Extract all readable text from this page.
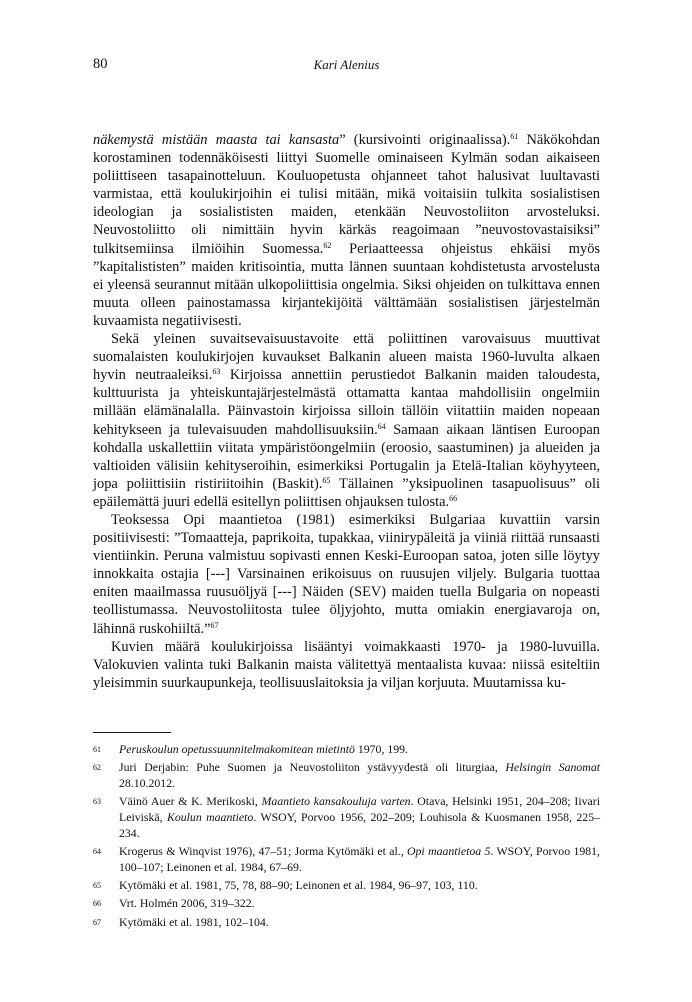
80	Kari Alenius

näkemystä mistään maasta tai kansasta” (kursivointi originaalissa).$^{61}$ Näkökohdan korostaminen todennäköisesti liittyi Suomelle ominaiseen Kylmän sodan aikaiseen poliittiseen tasapainotteluun. Kouluopetusta ohjanneet tahot halusivat luultavasti varmistaa, että koulukirjoihin ei tulisi mitään, mikä voitaisiin tulkita sosialistisen ideologian ja sosialististen maiden, etenkään Neuvostoliiton arvosteluksi. Neuvostoliitto oli nimittäin hyvin kärkäs reagoimaan ”neuvostovastaisiksi” tulkitsemiinsa ilmiöihin Suomessa.$^{62}$ Periaatteessa ohjeistus ehkäisi myös ”kapitalististen” maiden kritisointia, mutta lännen suuntaan kohdistetusta arvostelusta ei yleensä seurannut mitään ulkopoliittisia ongelmia. Siksi ohjeiden on tulkittava ennen muuta olleen painostamassa kirjantekijöitä välttämään sosialistisen järjestelmän kuvaamista negatiivisesti.

Sekä yleinen suvaitsevaisuustavoite että poliittinen varovaisuus muuttivat suomalaisten koulukirjojen kuvaukset Balkanin alueen maista 1960-luvulta alkaen hyvin neutraaleiksi.$^{63}$ Kirjoissa annettiin perustiedot Balkanin maiden taloudesta, kulttuurista ja yhteiskuntajärjestelmästä ottamatta kantaa mahdollisiin ongelmiin millään elämänalalla. Päinvastoin kirjoissa silloin tällöin viitattiin maiden nopeaan kehitykseen ja tulevaisuuden mahdollisuuksiin.$^{64}$ Samaan aikaan läntisen Euroopan kohdalla uskallettiin viitata ympäristöongelmiin (eroosio, saastuminen) ja alueiden ja valtioiden välisiin kehityseroihin, esimerkiksi Portugalin ja Etelä-Italian köyhyyteen, jopa poliittisiin ristiriitoihin (Baskit).$^{65}$ Tällainen ”yksipuolinen tasapuolisuus” oli epäilemättä juuri edellä esitellyn poliittisen ohjauksen tulosta.$^{66}$

Teoksessa Opi maantietoa (1981) esimerkiksi Bulgariaa kuvattiin varsin positiivisesti: ”Tomaatteja, paprikoita, tupakkaa, viinirypäleitä ja viiniä riittää runsaasti vientiinkin. Peruna valmistuu sopivasti ennen Keski-Euroopan satoa, joten sille löytyy innokkaita ostajia [---] Varsinainen erikoisuus on ruusujen viljely. Bulgaria tuottaa eniten maailmassa ruusuöljyä [---] Näiden (SEV) maiden tuella Bulgaria on nopeasti teollistumassa. Neuvostoliitosta tulee öljyjohto, mutta omiakin energiavaroja on, lähinnä ruskohiiltä.”$^{67}$

Kuvien määrä koulukirjoissa lisääntyi voimakkaasti 1970- ja 1980-luvuilla. Valokuvien valinta tuki Balkanin maista välitettyä mentaalista kuvaa: niissä esiteltiin yleisimmin suurkaupunkeja, teollisuuslaitoksia ja viljan korjuuta. Muutamissa ku-

61	Peruskoulun opetussuunnitelmakomitean mietintö 1970, 199.
62	Juri Derjabin: Puhe Suomen ja Neuvostoliiton ystävyydestä oli liturgiaa, Helsingin Sanomat 28.10.2012.
63	Väinö Auer & K. Merikoski, Maantieto kansakouluja varten. Otava, Helsinki 1951, 204–208; Iivari Leiviskä, Koulun maantieto. WSOY, Porvoo 1956, 202–209; Louhisola & Kuosmanen 1958, 225–234.
64	Krogerus & Winqvist 1976), 47–51; Jorma Kytömäki et al., Opi maantietoa 5. WSOY, Porvoo 1981, 100–107; Leinonen et al. 1984, 67–69.
65	Kytömäki et al. 1981, 75, 78, 88–90; Leinonen et al. 1984, 96–97, 103, 110.
66	Vrt. Holmén 2006, 319–322.
67	Kytömäki et al. 1981, 102–104.
